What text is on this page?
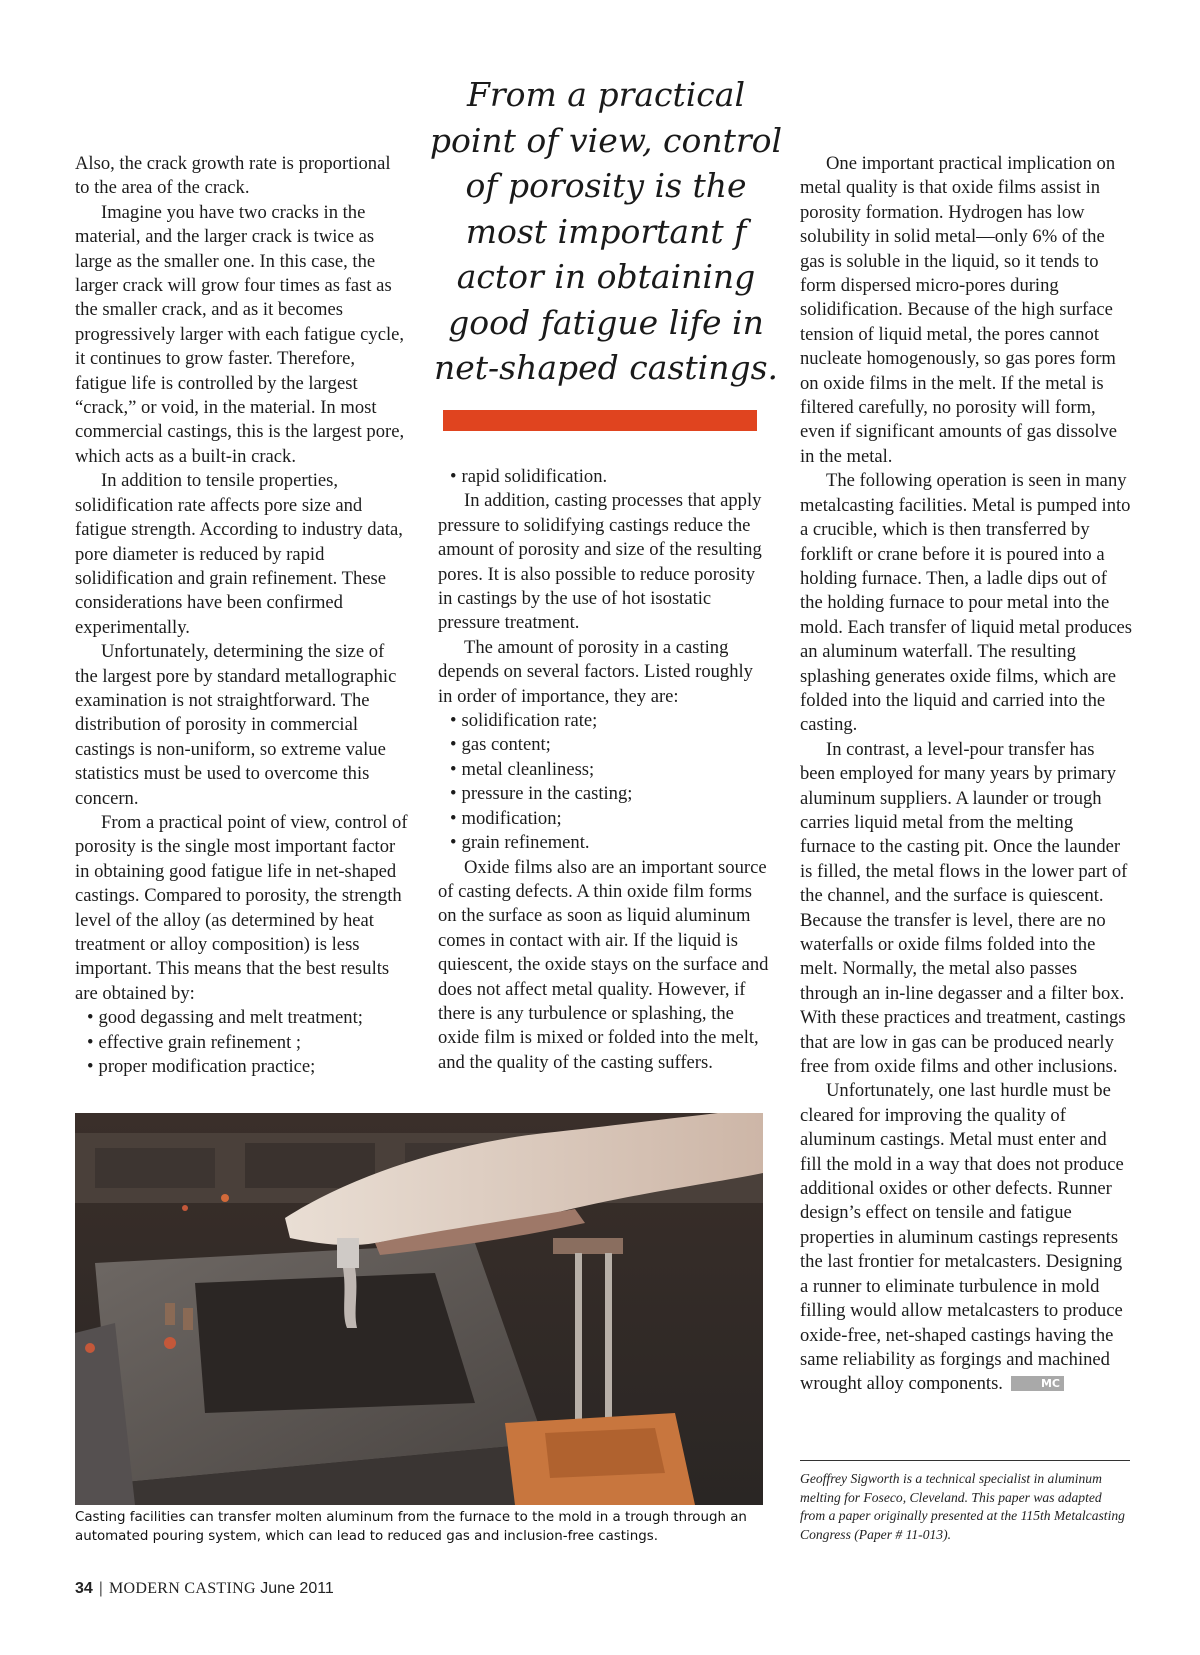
From a practical point of view, control of porosity is the most important f actor in obtaining good fatigue life in net-shaped castings.

Also, the crack growth rate is proportional to the area of the crack.

Imagine you have two cracks in the material, and the larger crack is twice as large as the smaller one. In this case, the larger crack will grow four times as fast as the smaller crack, and as it becomes progressively larger with each fatigue cycle, it continues to grow faster. Therefore, fatigue life is controlled by the largest “crack,” or void, in the material. In most commercial castings, this is the largest pore, which acts as a built-in crack.

In addition to tensile properties, solidification rate affects pore size and fatigue strength. According to industry data, pore diameter is reduced by rapid solidification and grain refinement. These considerations have been confirmed experimentally.

Unfortunately, determining the size of the largest pore by standard metallographic examination is not straightforward. The distribution of porosity in commercial castings is non-uniform, so extreme value statistics must be used to overcome this concern.

From a practical point of view, control of porosity is the single most important factor in obtaining good fatigue life in net-shaped castings. Compared to porosity, the strength level of the alloy (as determined by heat treatment or alloy composition) is less important. This means that the best results are obtained by:

• good degassing and melt treatment;
• effective grain refinement ;
• proper modification practice;
• rapid solidification.

In addition, casting processes that apply pressure to solidifying castings reduce the amount of porosity and size of the resulting pores. It is also possible to reduce porosity in castings by the use of hot isostatic pressure treatment.

The amount of porosity in a casting depends on several factors. Listed roughly in order of importance, they are:

• solidification rate;
• gas content;
• metal cleanliness;
• pressure in the casting;
• modification;
• grain refinement.

Oxide films also are an important source of casting defects. A thin oxide film forms on the surface as soon as liquid aluminum comes in contact with air. If the liquid is quiescent, the oxide stays on the surface and does not affect metal quality. However, if there is any turbulence or splashing, the oxide film is mixed or folded into the melt, and the quality of the casting suffers.

One important practical implication on metal quality is that oxide films assist in porosity formation. Hydrogen has low solubility in solid metal—only 6% of the gas is soluble in the liquid, so it tends to form dispersed micro-pores during solidification. Because of the high surface tension of liquid metal, the pores cannot nucleate homogenously, so gas pores form on oxide films in the melt. If the metal is filtered carefully, no porosity will form, even if significant amounts of gas dissolve in the metal.

The following operation is seen in many metalcasting facilities. Metal is pumped into a crucible, which is then transferred by forklift or crane before it is poured into a holding furnace. Then, a ladle dips out of the holding furnace to pour metal into the mold. Each transfer of liquid metal produces an aluminum waterfall. The resulting splashing generates oxide films, which are folded into the liquid and carried into the casting.

In contrast, a level-pour transfer has been employed for many years by primary aluminum suppliers. A launder or trough carries liquid metal from the melting furnace to the casting pit. Once the launder is filled, the metal flows in the lower part of the channel, and the surface is quiescent. Because the transfer is level, there are no waterfalls or oxide films folded into the melt. Normally, the metal also passes through an in-line degasser and a filter box. With these practices and treatment, castings that are low in gas can be produced nearly free from oxide films and other inclusions.

Unfortunately, one last hurdle must be cleared for improving the quality of aluminum castings. Metal must enter and fill the mold in a way that does not produce additional oxides or other defects. Runner design’s effect on tensile and fatigue properties in aluminum castings represents the last frontier for metalcasters. Designing a runner to eliminate turbulence in mold filling would allow metalcasters to produce oxide-free, net-shaped castings having the same reliability as forgings and machined wrought alloy components.	MC

Casting facilities can transfer molten aluminum from the furnace to the mold in a trough through an automated pouring system, which can lead to reduced gas and inclusion-free castings.
Geoffrey Sigworth is a technical specialist in aluminum melting for Foseco, Cleveland. This paper was adapted from a paper originally presented at the 115th Metalcasting Congress (Paper # 11-013).
34 | MODERN CASTING June 2011
